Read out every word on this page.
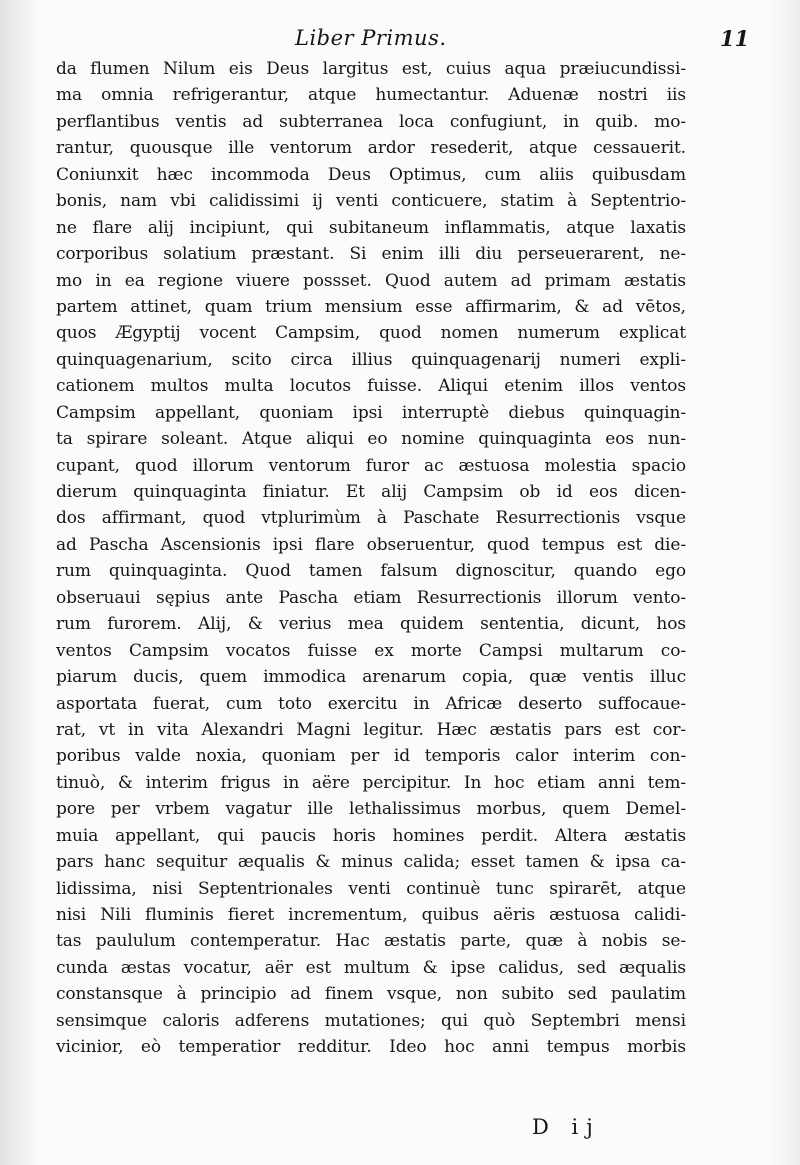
Liber Primus.	11
da flumen Nilum eis Deus largitus est, cuius aqua præiucundissi-
ma omnia refrigerantur, atque humectantur. Aduenæ nostri iis
perflantibus ventis ad subterranea loca confugiunt, in quib. mo-
rantur, quousque ille ventorum ardor resederit, atque cessauerit.
Coniunxit hæc incommoda Deus Optimus, cum aliis quibusdam
bonis, nam vbi calidissimi ij venti conticuere, statim à Septentrio-
ne flare alij incipiunt, qui subitaneum inflammatis, atque laxatis
corporibus solatium præstant. Si enim illi diu perseuerarent, ne-
mo in ea regione viuere possset. Quod autem ad primam æstatis
partem attinet, quam trium mensium esse affirmarim, & ad vētos,
quos Ægyptij vocent Campsim, quod nomen numerum explicat
quinquagenarium, scito circa illius quinquagenarij numeri expli-
cationem multos multa locutos fuisse. Aliqui etenim illos ventos
Campsim appellant, quoniam ipsi interruptè diebus quinquagin-
ta spirare soleant. Atque aliqui eo nomine quinquaginta eos nun-
cupant, quod illorum ventorum furor ac æstuosa molestia spacio
dierum quinquaginta finiatur. Et alij Campsim ob id eos dicen-
dos affirmant, quod vtplurimùm à Paschate Resurrectionis vsque
ad Pascha Ascensionis ipsi flare obseruentur, quod tempus est die-
rum quinquaginta. Quod tamen falsum dignoscitur, quando ego
obseruaui sępius ante Pascha etiam Resurrectionis illorum vento-
rum furorem. Alij, & verius mea quidem sententia, dicunt, hos
ventos Campsim vocatos fuisse ex morte Campsi multarum co-
piarum ducis, quem immodica arenarum copia, quæ ventis illuc
asportata fuerat, cum toto exercitu in Africæ deserto suffocaue-
rat, vt in vita Alexandri Magni legitur. Hæc æstatis pars est cor-
poribus valde noxia, quoniam per id temporis calor interim con-
tinuò, & interim frigus in aëre percipitur. In hoc etiam anni tem-
pore per vrbem vagatur ille lethalissimus morbus, quem Demel-
muia appellant, qui paucis horis homines perdit. Altera æstatis
pars hanc sequitur æqualis & minus calida; esset tamen & ipsa ca-
lidissima, nisi Septentrionales venti continuè tunc spirarēt, atque
nisi Nili fluminis fieret incrementum, quibus aëris æstuosa calidi-
tas paululum contemperatur. Hac æstatis parte, quæ à nobis se-
cunda æstas vocatur, aër est multum & ipse calidus, sed æqualis
constansque à principio ad finem vsque, non subito sed paulatim
sensimque caloris adferens mutationes; qui quò Septembri mensi
vicinior, eò temperatior redditur. Ideo hoc anni tempus morbis
D ij
